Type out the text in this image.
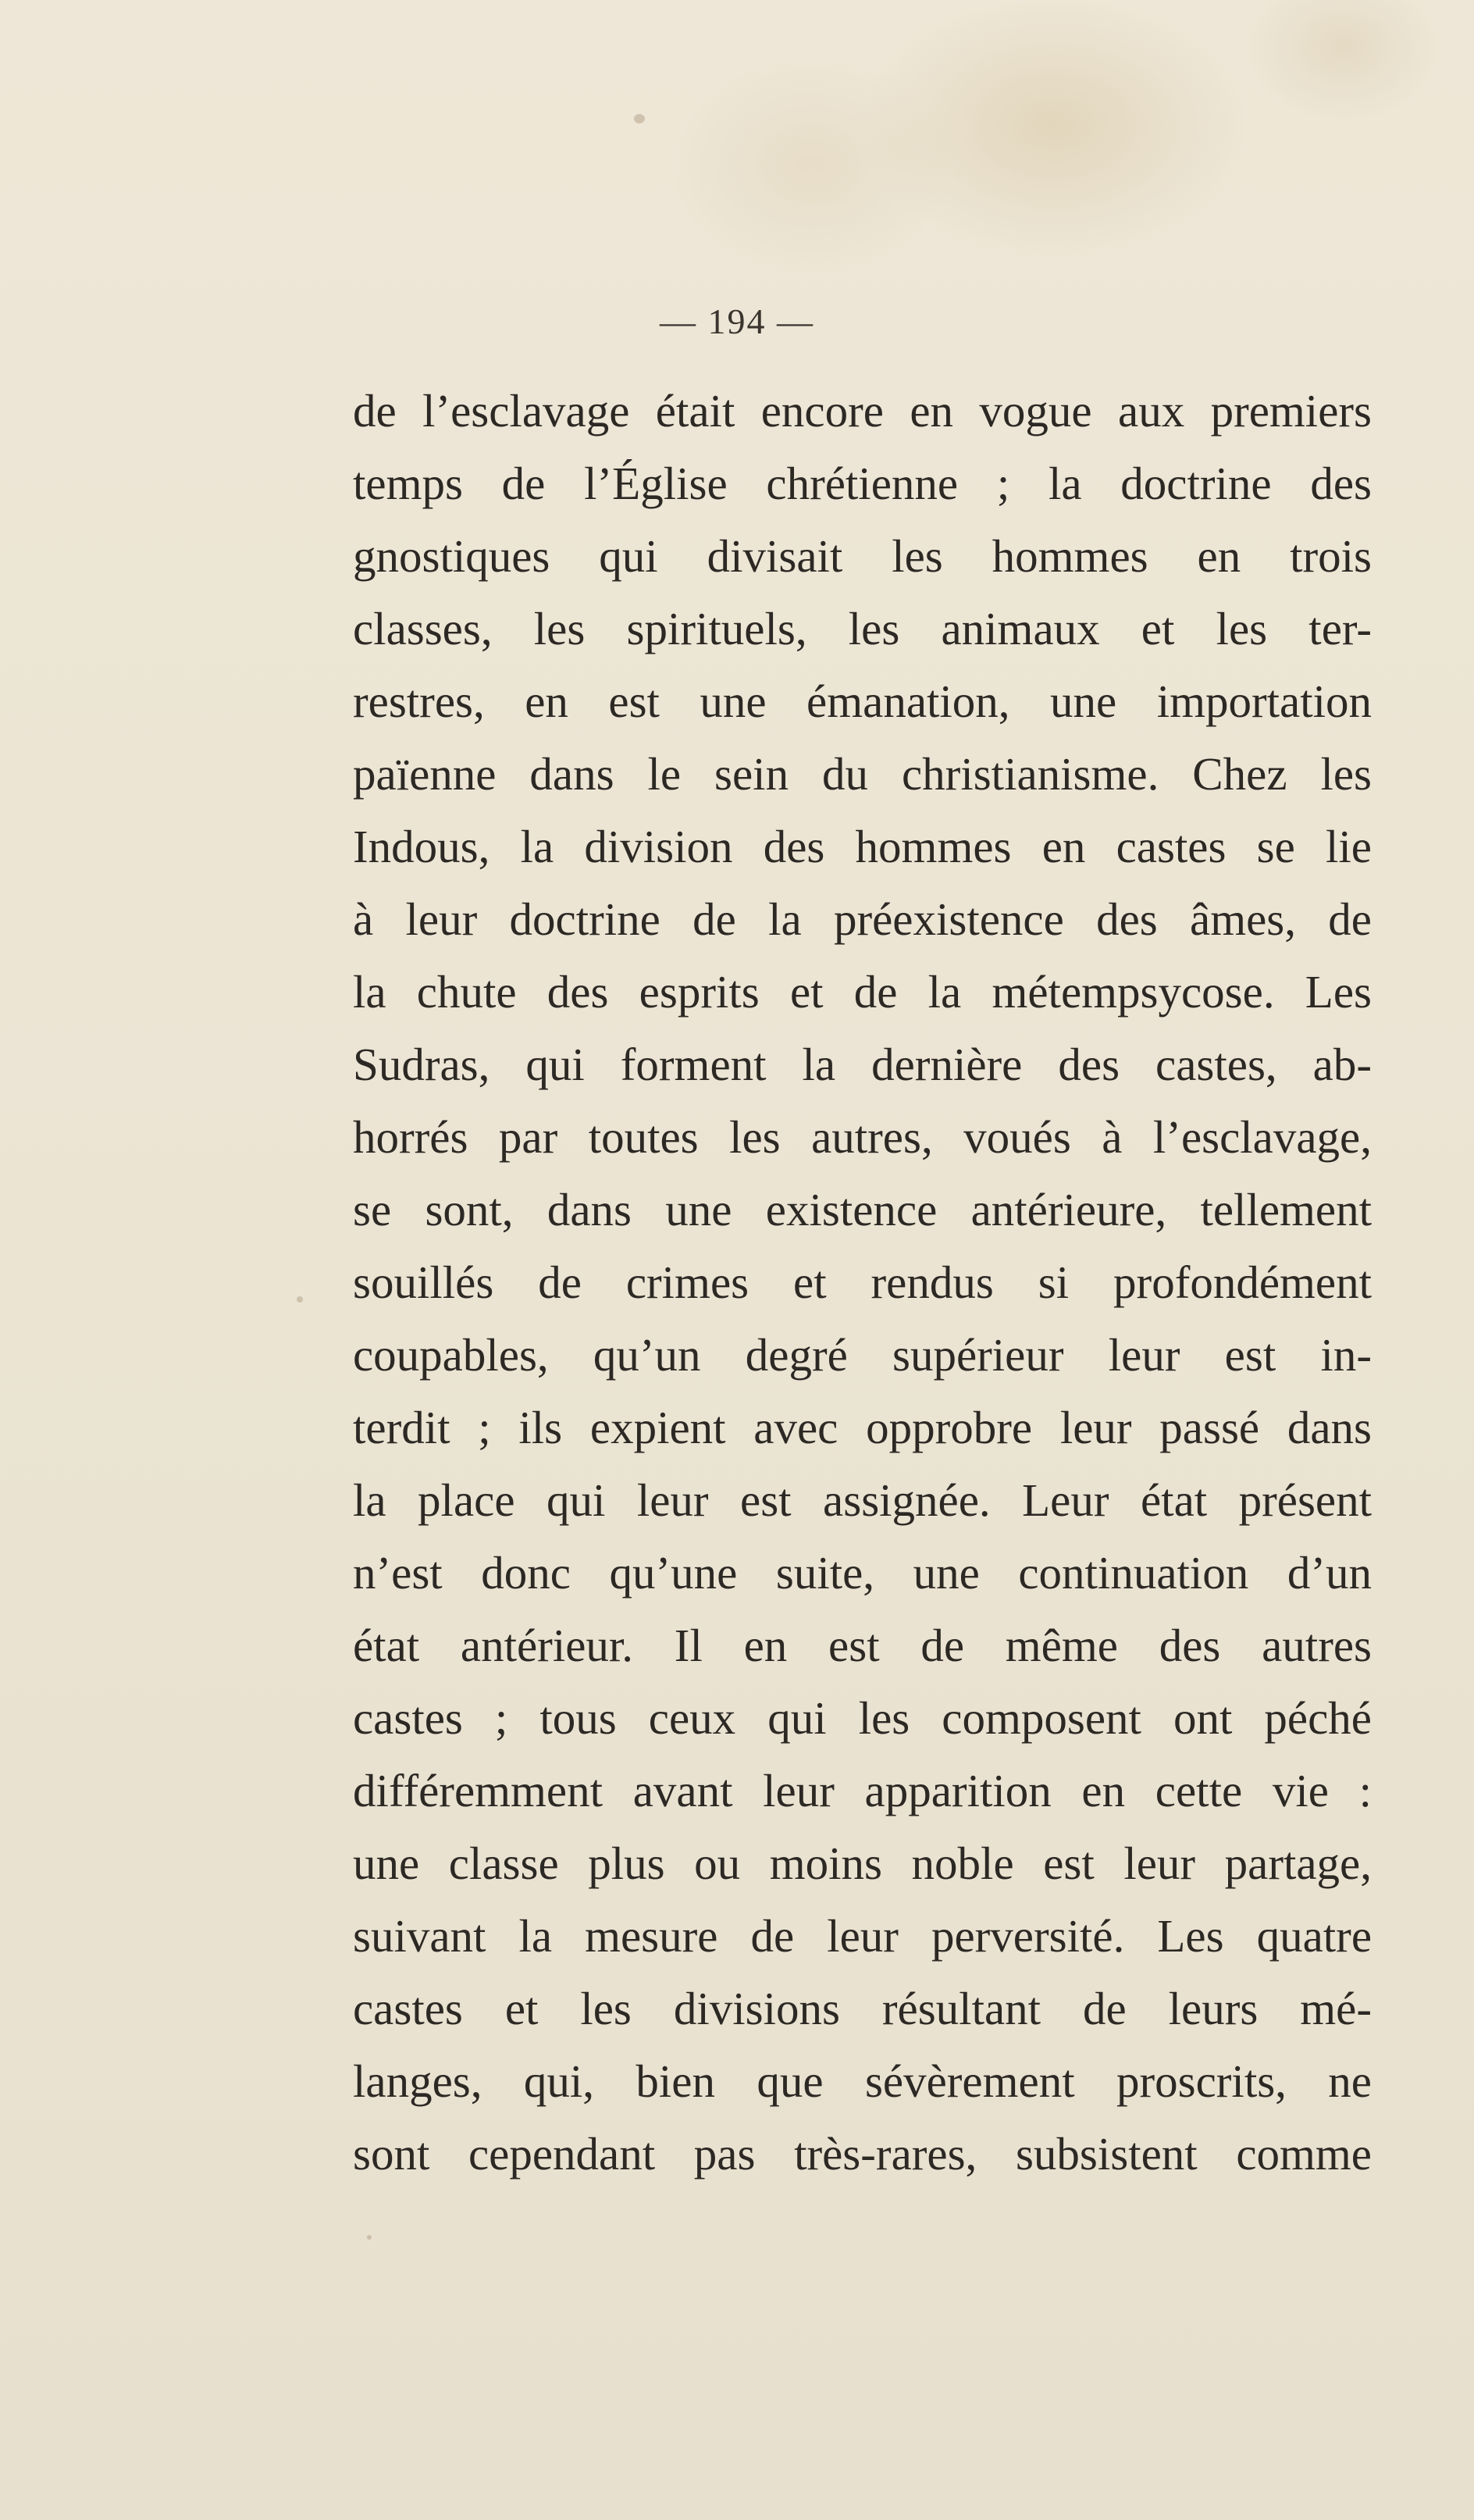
— 194 —
de l’esclavage était encore en vogue aux premiers
temps de l’Église chrétienne ; la doctrine des
gnostiques qui divisait les hommes en trois
classes, les spirituels, les animaux et les ter-
restres, en est une émanation, une importation
païenne dans le sein du christianisme. Chez les
Indous, la division des hommes en castes se lie
à leur doctrine de la préexistence des âmes, de
la chute des esprits et de la métempsycose. Les
Sudras, qui forment la dernière des castes, ab-
horrés par toutes les autres, voués à l’esclavage,
se sont, dans une existence antérieure, tellement
souillés de crimes et rendus si profondément
coupables, qu’un degré supérieur leur est in-
terdit ; ils expient avec opprobre leur passé dans
la place qui leur est assignée. Leur état présent
n’est donc qu’une suite, une continuation d’un
état antérieur. Il en est de même des autres
castes ; tous ceux qui les composent ont péché
différemment avant leur apparition en cette vie :
une classe plus ou moins noble est leur partage,
suivant la mesure de leur perversité. Les quatre
castes et les divisions résultant de leurs mé-
langes, qui, bien que sévèrement proscrits, ne
sont cependant pas très-rares, subsistent comme
